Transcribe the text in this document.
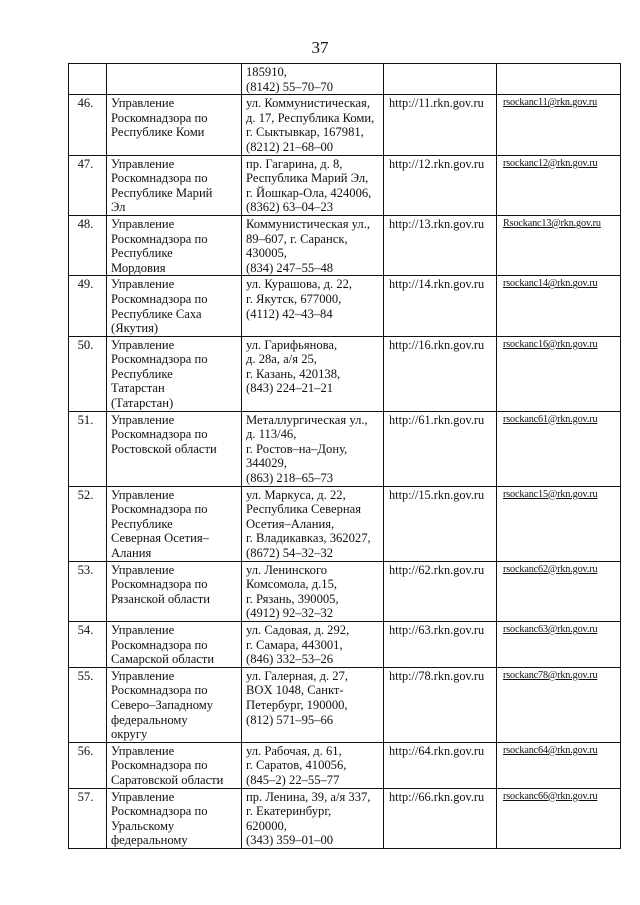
37

		185910,
(8142) 55–70–70		

46.	Управление
Роскомнадзора по
Республике Коми	ул. Коммунистическая,
д. 17, Республика Коми,
г. Сыктывкар, 167981,
(8212) 21–68–00	http://11.rkn.gov.ru	rsockanc11@rkn.gov.ru
47.	Управление
Роскомнадзора по
Республике Марий
Эл	пр. Гагарина, д. 8,
Республика Марий Эл,
г. Йошкар-Ола, 424006,
(8362) 63–04–23	http://12.rkn.gov.ru	rsockanc12@rkn.gov.ru
48.	Управление
Роскомнадзора по
Республике
Мордовия	Коммунистическая ул.,
89–607, г. Саранск,
430005,
(834) 247–55–48	http://13.rkn.gov.ru	Rsockanc13@rkn.gov.ru
49.	Управление
Роскомнадзора по
Республике Саха
(Якутия)	ул. Курашова, д. 22,
г. Якутск, 677000,
(4112) 42–43–84	http://14.rkn.gov.ru	rsockanc14@rkn.gov.ru
50.	Управление
Роскомнадзора по
Республике
Татарстан
(Татарстан)	ул. Гарифьянова,
д. 28а, а/я 25,
г. Казань, 420138,
(843) 224–21–21	http://16.rkn.gov.ru	rsockanc16@rkn.gov.ru
51.	Управление
Роскомнадзора по
Ростовской области	Металлургическая ул.,
д. 113/46,
г. Ростов–на–Дону,
344029,
(863) 218–65–73	http://61.rkn.gov.ru	rsockanc61@rkn.gov.ru
52.	Управление
Роскомнадзора по
Республике
Северная Осетия–
Алания	ул. Маркуса, д. 22,
Республика Северная
Осетия–Алания,
г. Владикавказ, 362027,
(8672) 54–32–32	http://15.rkn.gov.ru	rsockanc15@rkn.gov.ru
53.	Управление
Роскомнадзора по
Рязанской области	ул. Ленинского
Комсомола, д.15,
г. Рязань, 390005,
(4912) 92–32–32	http://62.rkn.gov.ru	rsockanc62@rkn.gov.ru
54.	Управление
Роскомнадзора по
Самарской области	ул. Садовая, д. 292,
г. Самара, 443001,
(846) 332–53–26	http://63.rkn.gov.ru	rsockanc63@rkn.gov.ru
55.	Управление
Роскомнадзора по
Северо–Западному
федеральному
округу	ул. Галерная, д. 27,
BOX 1048, Санкт-
Петербург, 190000,
(812) 571–95–66	http://78.rkn.gov.ru	rsockanc78@rkn.gov.ru
56.	Управление
Роскомнадзора по
Саратовской области	ул. Рабочая, д. 61,
г. Саратов, 410056,
(845–2) 22–55–77	http://64.rkn.gov.ru	rsockanc64@rkn.gov.ru
57.	Управление
Роскомнадзора по
Уральскому
федеральному	пр. Ленина, 39, а/я 337,
г. Екатеринбург,
620000,
(343) 359–01–00	http://66.rkn.gov.ru	rsockanc66@rkn.gov.ru
